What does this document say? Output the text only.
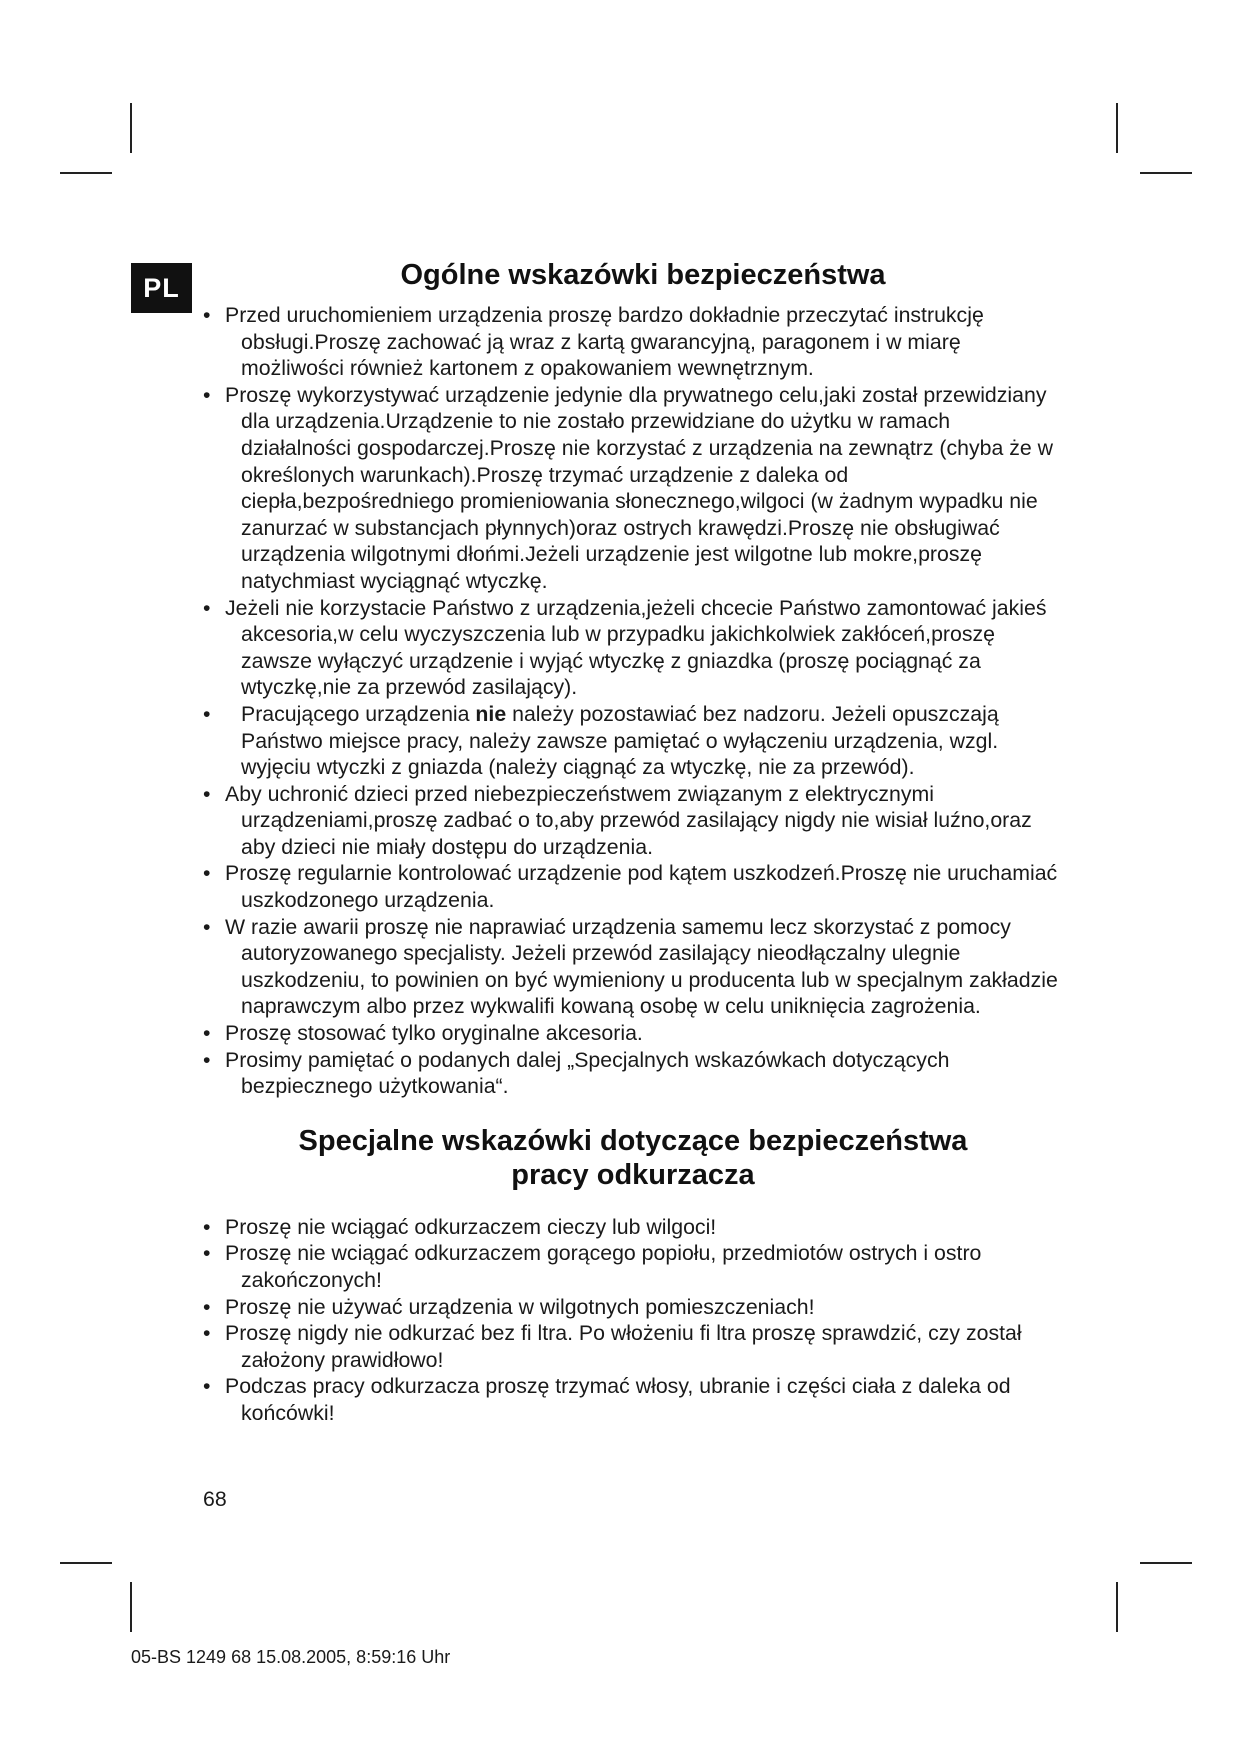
PL	Ogólne wskazówki bezpieczeństwa
• Przed uruchomieniem urządzenia proszę bardzo dokładnie przeczytać instrukcję obsługi.Proszę zachować ją wraz z kartą gwarancyjną, paragonem i w miarę możliwości również kartonem z opakowaniem wewnętrznym.
• Proszę wykorzystywać urządzenie jedynie dla prywatnego celu,jaki został przewidziany dla urządzenia.Urządzenie to nie zostało przewidziane do użytku w ramach działalności gospodarczej.Proszę nie korzystać z urządzenia na zewnątrz (chyba że w określonych warunkach).Proszę trzymać urządzenie z daleka od ciepła,bezpośredniego promieniowania słonecznego,wilgoci (w żadnym wypadku nie zanurzać w substancjach płynnych)oraz ostrych krawędzi.Proszę nie obsługiwać urządzenia wilgotnymi dłońmi.Jeżeli urządzenie jest wilgotne lub mokre,proszę natychmiast wyciągnąć wtyczkę.
• Jeżeli nie korzystacie Państwo z urządzenia,jeżeli chcecie Państwo zamontować jakieś akcesoria,w celu wyczyszczenia lub w przypadku jakichkolwiek zakłóceń,proszę zawsze wyłączyć urządzenie i wyjąć wtyczkę z gniazdka (proszę pociągnąć za wtyczkę,nie za przewód zasilający).
• Pracującego urządzenia nie należy pozostawiać bez nadzoru. Jeżeli opuszczają Państwo miejsce pracy, należy zawsze pamiętać o wyłączeniu urządzenia, wzgl. wyjęciu wtyczki z gniazda (należy ciągnąć za wtyczkę, nie za przewód).
• Aby uchronić dzieci przed niebezpieczeństwem związanym z elektrycznymi urządzeniami,proszę zadbać o to,aby przewód zasilający nigdy nie wisiał luźno,oraz aby dzieci nie miały dostępu do urządzenia.
• Proszę regularnie kontrolować urządzenie pod kątem uszkodzeń.Proszę nie uruchamiać uszkodzonego urządzenia.
• W razie awarii proszę nie naprawiać urządzenia samemu lecz skorzystać z pomocy autoryzowanego specjalisty. Jeżeli przewód zasilający nieodłączalny ulegnie uszkodzeniu, to powinien on być wymieniony u producenta lub w specjalnym zakładzie naprawczym albo przez wykwalifi kowaną osobę w celu uniknięcia zagrożenia.
• Proszę stosować tylko oryginalne akcesoria.
• Prosimy pamiętać o podanych dalej „Specjalnych wskazówkach dotyczących bezpiecznego użytkowania“.
Specjalne wskazówki dotyczące bezpieczeństwa
pracy odkurzacza
• Proszę nie wciągać odkurzaczem cieczy lub wilgoci!
• Proszę nie wciągać odkurzaczem gorącego popiołu, przedmiotów ostrych i ostro zakończonych!
• Proszę nie używać urządzenia w wilgotnych pomieszczeniach!
• Proszę nigdy nie odkurzać bez fi ltra. Po włożeniu fi ltra proszę sprawdzić, czy został założony prawidłowo!
• Podczas pracy odkurzacza proszę trzymać włosy, ubranie i części ciała z daleka od końcówki!
68
05-BS 1249 68 15.08.2005, 8:59:16 Uhr
